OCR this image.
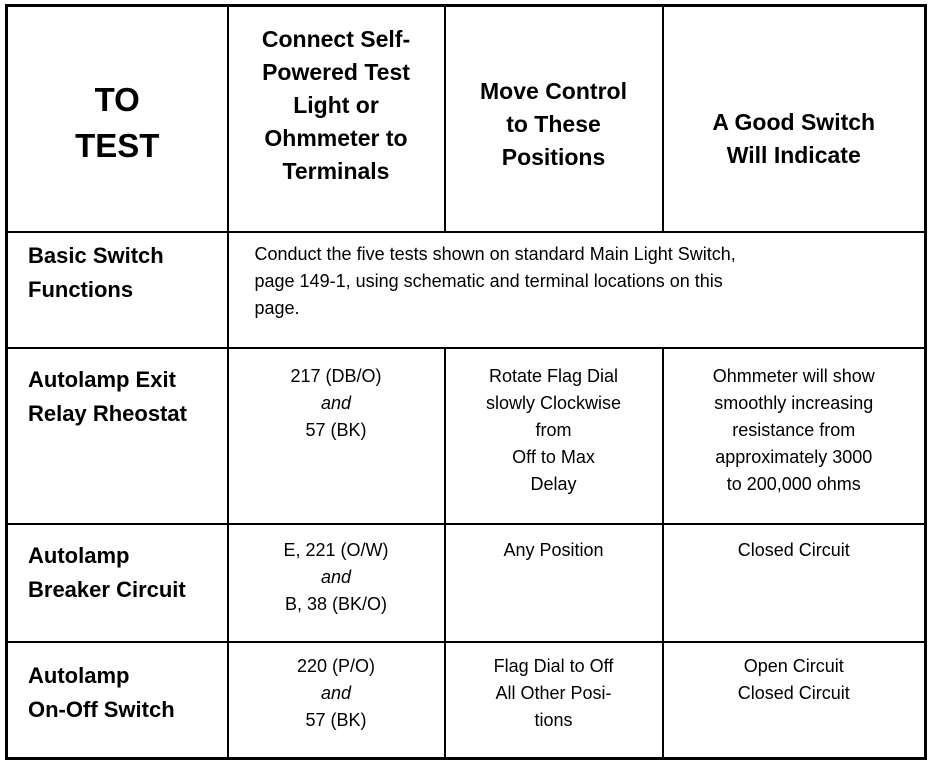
TO
TEST	Connect Self-
Powered Test
Light or
Ohmmeter to
Terminals	Move Control
to These
Positions	A Good Switch
Will Indicate

Basic Switch
Functions	Conduct the five tests shown on standard Main Light Switch,
page 149-1, using schematic and terminal locations on this
page.		

Autolamp Exit
Relay Rheostat	217 (DB/O)
and
57 (BK)	Rotate Flag Dial
slowly Clockwise
from
Off to Max
Delay	Ohmmeter will show
smoothly increasing
resistance from
approximately 3000
to 200,000 ohms

Autolamp
Breaker Circuit	E, 221 (O/W)
and
B, 38 (BK/O)	Any Position	Closed Circuit

Autolamp
On-Off Switch	220 (P/O)
and
57 (BK)	Flag Dial to Off
All Other Posi-
tions	Open Circuit
Closed Circuit
